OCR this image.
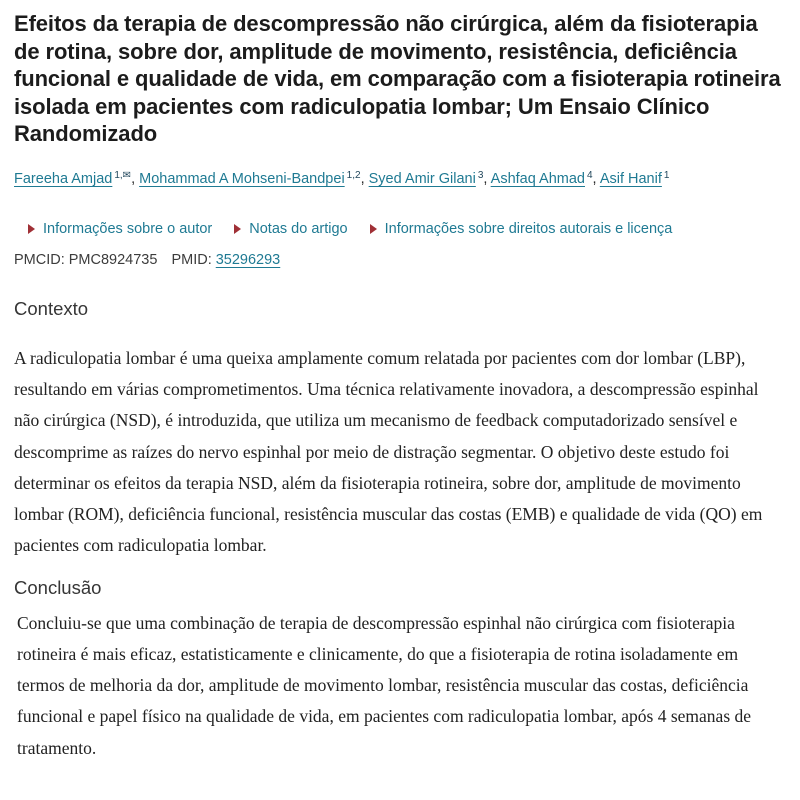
Efeitos da terapia de descompressão não cirúrgica, além da fisioterapia de rotina, sobre dor, amplitude de movimento, resistência, deficiência funcional e qualidade de vida, em comparação com a fisioterapia rotineira isolada em pacientes com radiculopatia lombar; Um Ensaio Clínico Randomizado
Fareeha Amjad $^{1,✉}$, Mohammad A Mohseni-Bandpei $^{1,2}$, Syed Amir Gilani $^3$, Ashfaq Ahmad $^4$, Asif Hanif $^1$
Informações sobre o autor	Notas do artigo	Informações sobre direitos autorais e licença
PMCID: PMC8924735 PMID: 35296293
Contexto

A radiculopatia lombar é uma queixa amplamente comum relatada por pacientes com dor lombar (LBP), resultando em várias comprometimentos. Uma técnica relativamente inovadora, a descompressão espinhal não cirúrgica (NSD), é introduzida, que utiliza um mecanismo de feedback computadorizado sensível e descomprime as raízes do nervo espinhal por meio de distração segmentar. O objetivo deste estudo foi determinar os efeitos da terapia NSD, além da fisioterapia rotineira, sobre dor, amplitude de movimento lombar (ROM), deficiência funcional, resistência muscular das costas (EMB) e qualidade de vida (QO) em pacientes com radiculopatia lombar.

Conclusão

Concluiu-se que uma combinação de terapia de descompressão espinhal não cirúrgica com fisioterapia rotineira é mais eficaz, estatisticamente e clinicamente, do que a fisioterapia de rotina isoladamente em termos de melhoria da dor, amplitude de movimento lombar, resistência muscular das costas, deficiência funcional e papel físico na qualidade de vida, em pacientes com radiculopatia lombar, após 4 semanas de tratamento.
